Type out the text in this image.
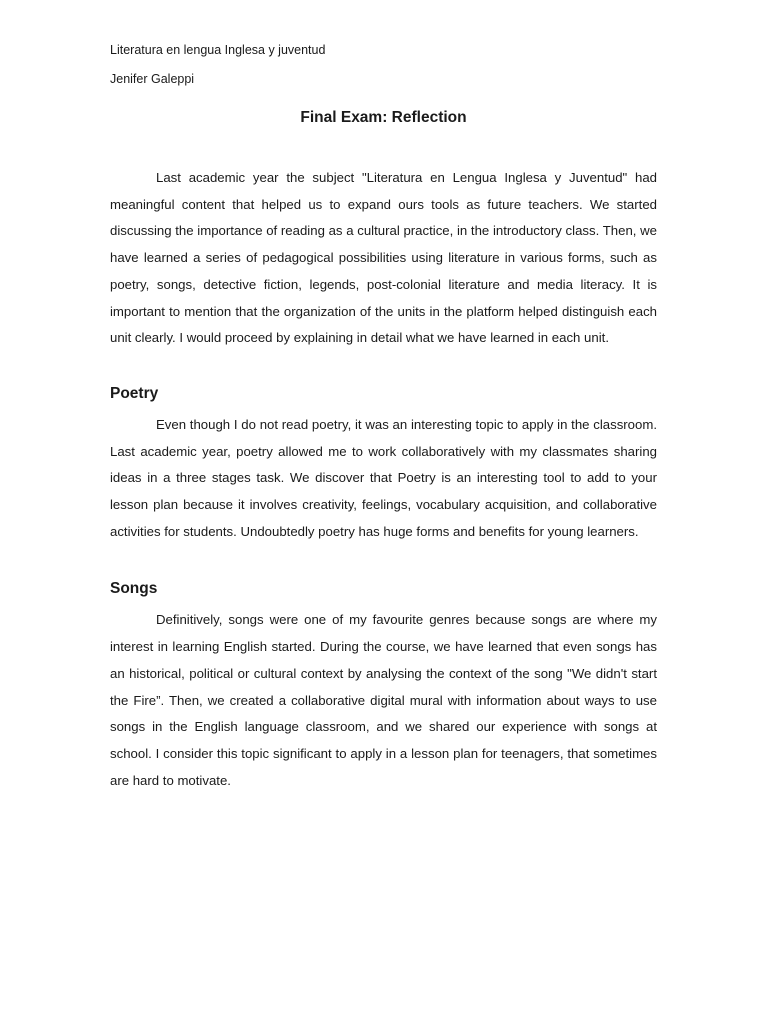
Literatura en lengua Inglesa y juventud

Jenifer Galeppi

Final Exam: Reflection

Last academic year the subject "Literatura en Lengua Inglesa y Juventud" had meaningful content that helped us to expand ours tools as future teachers. We started discussing the importance of reading as a cultural practice, in the introductory class. Then, we have learned a series of pedagogical possibilities using literature in various forms, such as poetry, songs, detective fiction, legends, post-colonial literature and media literacy. It is important to mention that the organization of the units in the platform helped distinguish each unit clearly. I would proceed by explaining in detail what we have learned in each unit.

Poetry

Even though I do not read poetry, it was an interesting topic to apply in the classroom. Last academic year, poetry allowed me to work collaboratively with my classmates sharing ideas in a three stages task. We discover that Poetry is an interesting tool to add to your lesson plan because it involves creativity, feelings, vocabulary acquisition, and collaborative activities for students. Undoubtedly poetry has huge forms and benefits for young learners.

Songs

Definitively, songs were one of my favourite genres because songs are where my interest in learning English started. During the course, we have learned that even songs has an historical, political or cultural context by analysing the context of the song "We didn't start the Fire”. Then, we created a collaborative digital mural with information about ways to use songs in the English language classroom, and we shared our experience with songs at school. I consider this topic significant to apply in a lesson plan for teenagers, that sometimes are hard to motivate.
